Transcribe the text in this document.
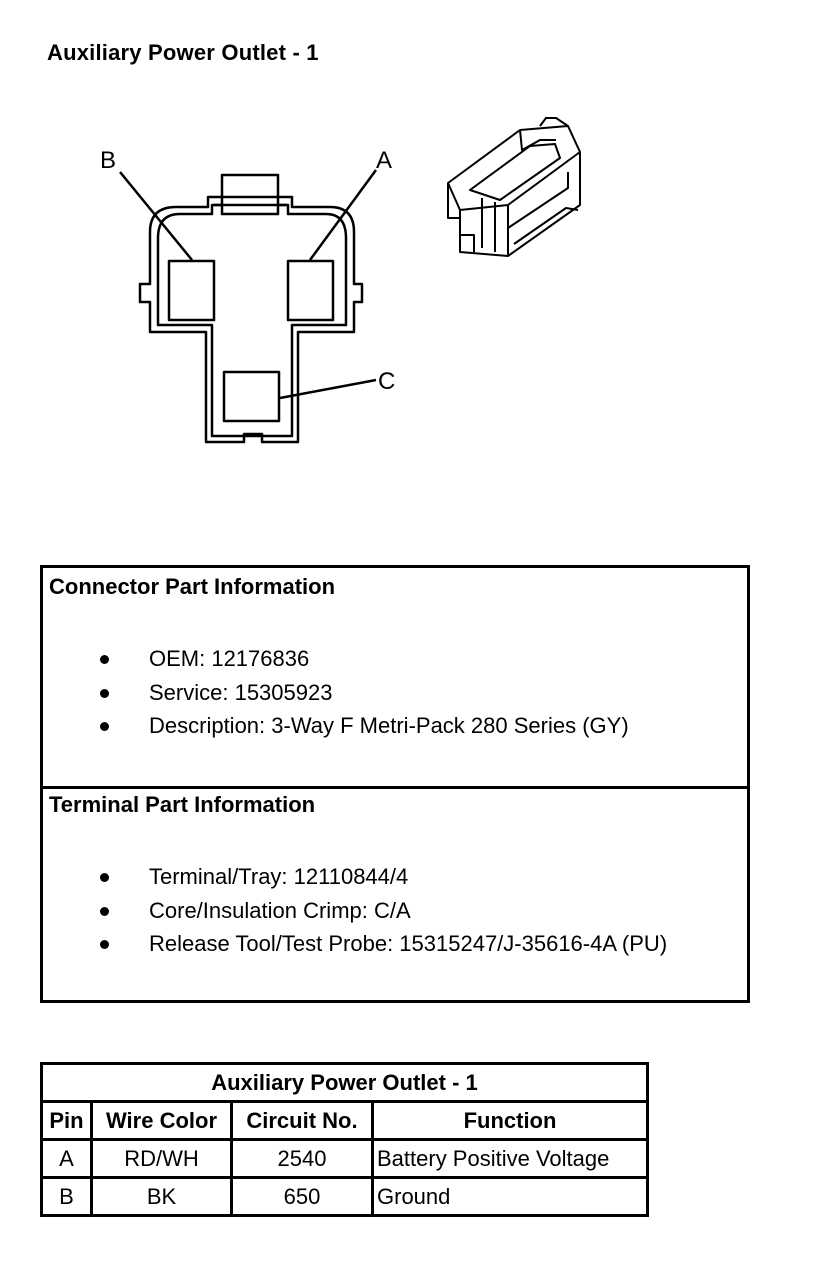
Auxiliary Power Outlet - 1
B	A
C
Connector Part Information
OEM: 12176836
Service: 15305923
Description: 3-Way F Metri-Pack 280 Series (GY)
Terminal Part Information
Terminal/Tray: 12110844/4
Core/Insulation Crimp: C/A
Release Tool/Test Probe: 15315247/J-35616-4A (PU)
Auxiliary Power Outlet - 1			
Pin	Wire Color	Circuit No.	Function
A	RD/WH	2540	Battery Positive Voltage
B	BK	650	Ground
